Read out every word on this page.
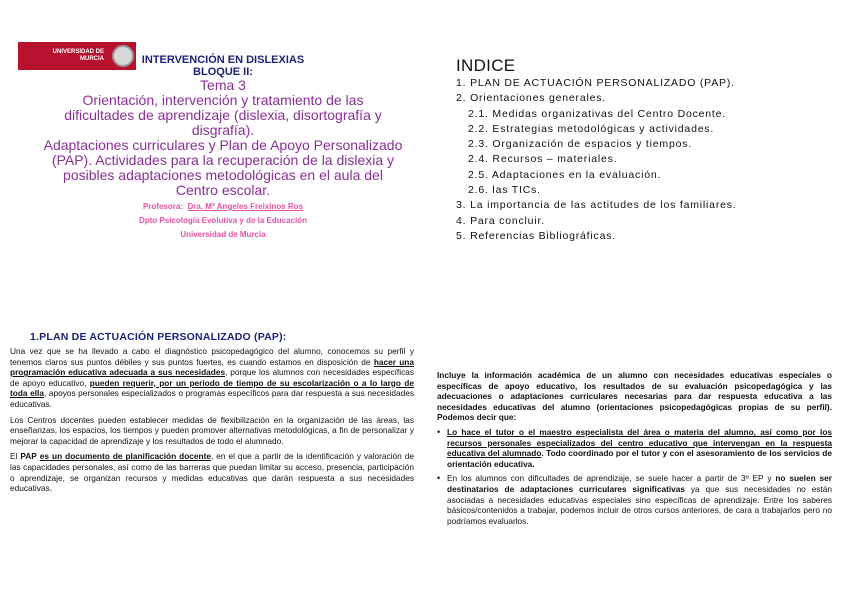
UNIVERSIDAD DE
MURCIA	INTERVENCIÓN EN DISLEXIAS
BLOQUE II:
Tema 3
Orientación, intervención y tratamiento de las
dificultades de aprendizaje (dislexia, disortografía y
disgrafía).
Adaptaciones curriculares y Plan de Apoyo Personalizado
(PAP). Actividades para la recuperación de la dislexia y
posibles adaptaciones metodológicas en el aula del
Centro escolar.
Profesora: Dra. Mª Angeles Freixinos Ros
Dpto Psicología Evolutiva y de la Educación
Universidad de Murcia
INDICE
1. PLAN DE ACTUACIÓN PERSONALIZADO (PAP).
2. Orientaciones generales.
2.1. Medidas organizativas del Centro Docente.
2.2. Estrategias metodológicas y actividades.
2.3. Organización de espacios y tiempos.
2.4. Recursos – materiales.
2.5. Adaptaciones en la evaluación.
2.6. las TICs.
3. La importancia de las actitudes de los familiares.
4. Para concluir.
5. Referencias Bibliográficas.
1.PLAN DE ACTUACIÓN PERSONALIZADO (PAP):

Una vez que se ha llevado a cabo el diagnóstico psicopedagógico del alumno, conocemos su perfil y tenemos claros sus puntos débiles y sus puntos fuertes, es cuando estamos en disposición de hacer una programación educativa adecuada a sus necesidades, porque los alumnos con necesidades específicas de apoyo educativo, pueden requerir, por un periodo de tiempo de su escolarización o a lo largo de toda ella, apoyos personales especializados o programas específicos para dar respuesta a sus necesidades educativas.

Los Centros docentes pueden establecer medidas de flexibilización en la organización de las áreas, las enseñanzas, los espacios, los tiempos y pueden promover alternativas metodológicas, a fin de personalizar y mejorar la capacidad de aprendizaje y los resultados de todo el alumnado.

El PAP es un documento de planificación docente, en el que a partir de la identificación y valoración de las capacidades personales, así como de las barreras que puedan limitar su acceso, presencia, participación o aprendizaje, se organizan recursos y medidas educativas que darán respuesta a sus necesidades educativas.

Incluye la información académica de un alumno con necesidades educativas especiales o específicas de apoyo educativo, los resultados de su evaluación psicopedagógica y las adecuaciones o adaptaciones curriculares necesarias para dar respuesta educativa a las necesidades educativas del alumno (orientaciones psicopedagógicas propias de su perfil). Podemos decir que:

• Lo hace el tutor o el maestro especialista del área o materia del alumno, así como por los recursos personales especializados del centro educativo que intervengan en la respuesta educativa del alumnado. Todo coordinado por el tutor y con el asesoramiento de los servicios de orientación educativa.
• En los alumnos con dificultades de aprendizaje, se suele hacer a partir de 3º EP y no suelen ser destinatarios de adaptaciones curriculares significativas ya que sus necesidades no están asociadas a necesidades educativas especiales sino específicas de aprendizaje. Entre los saberes básicos/contenidos a trabajar, podemos incluir de otros cursos anteriores, de cara a trabajarlos pero no podríamos evaluarlos.
